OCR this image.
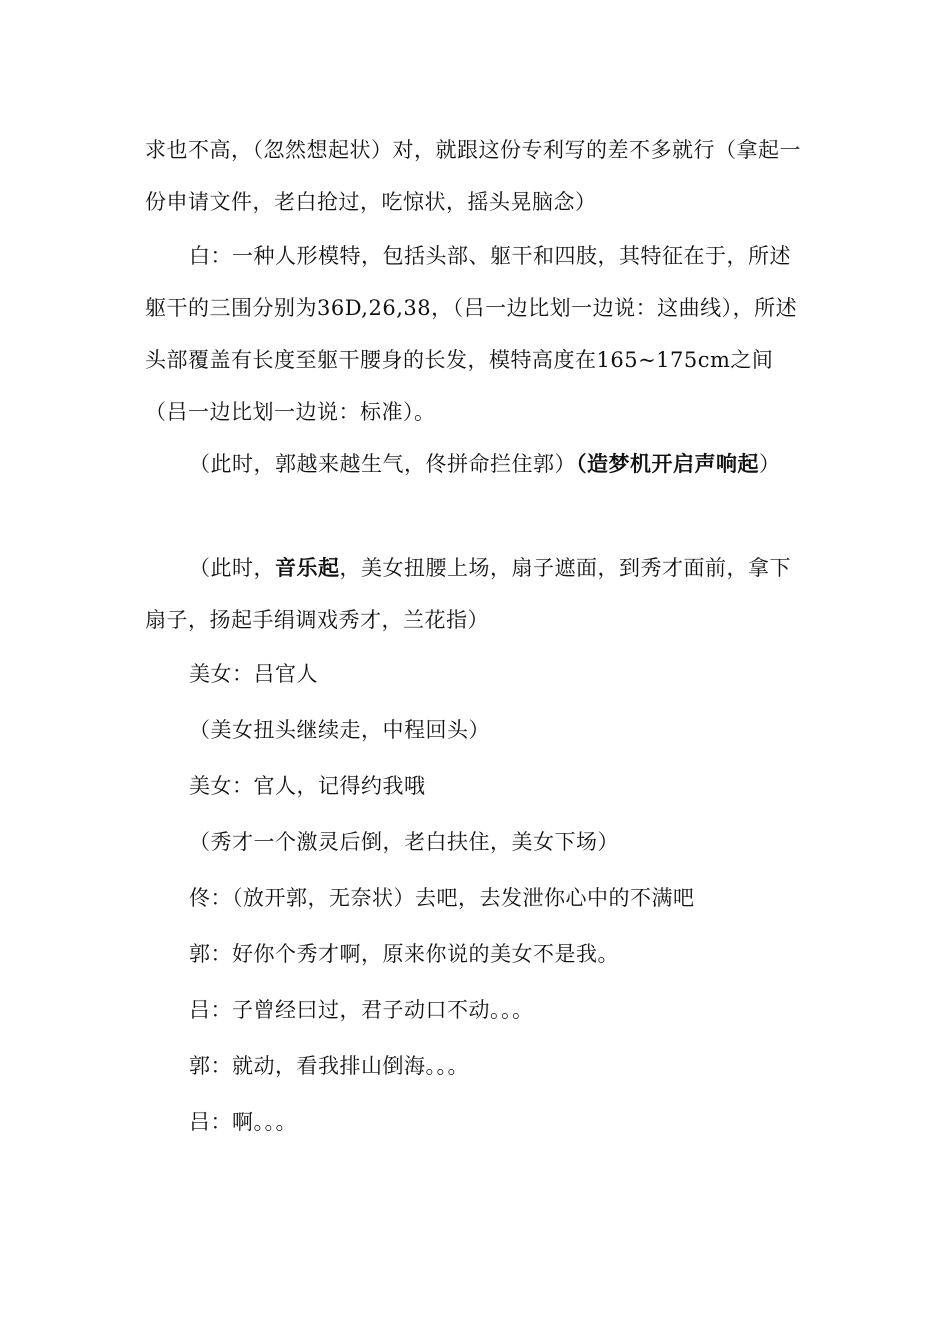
求也不高，（忽然想起状）对，就跟这份专利写的差不多就行（拿起一份申请文件，老白抢过，吃惊状，摇头晃脑念）

白：一种人形模特，包括头部、躯干和四肢，其特征在于，所述躯干的三围分别为36D,26,38，（吕一边比划一边说：这曲线），所述头部覆盖有长度至躯干腰身的长发，模特高度在165~175cm之间（吕一边比划一边说：标准）。

（此时，郭越来越生气，佟拼命拦住郭）（造梦机开启声响起）

（此时，音乐起，美女扭腰上场，扇子遮面，到秀才面前，拿下扇子，扬起手绢调戏秀才，兰花指）

美女：吕官人

（美女扭头继续走，中程回头）

美女：官人，记得约我哦

（秀才一个激灵后倒，老白扶住，美女下场）

佟：（放开郭，无奈状）去吧，去发泄你心中的不满吧

郭：好你个秀才啊，原来你说的美女不是我。

吕：子曾经曰过，君子动口不动。。。

郭：就动，看我排山倒海。。。

吕：啊。。。
